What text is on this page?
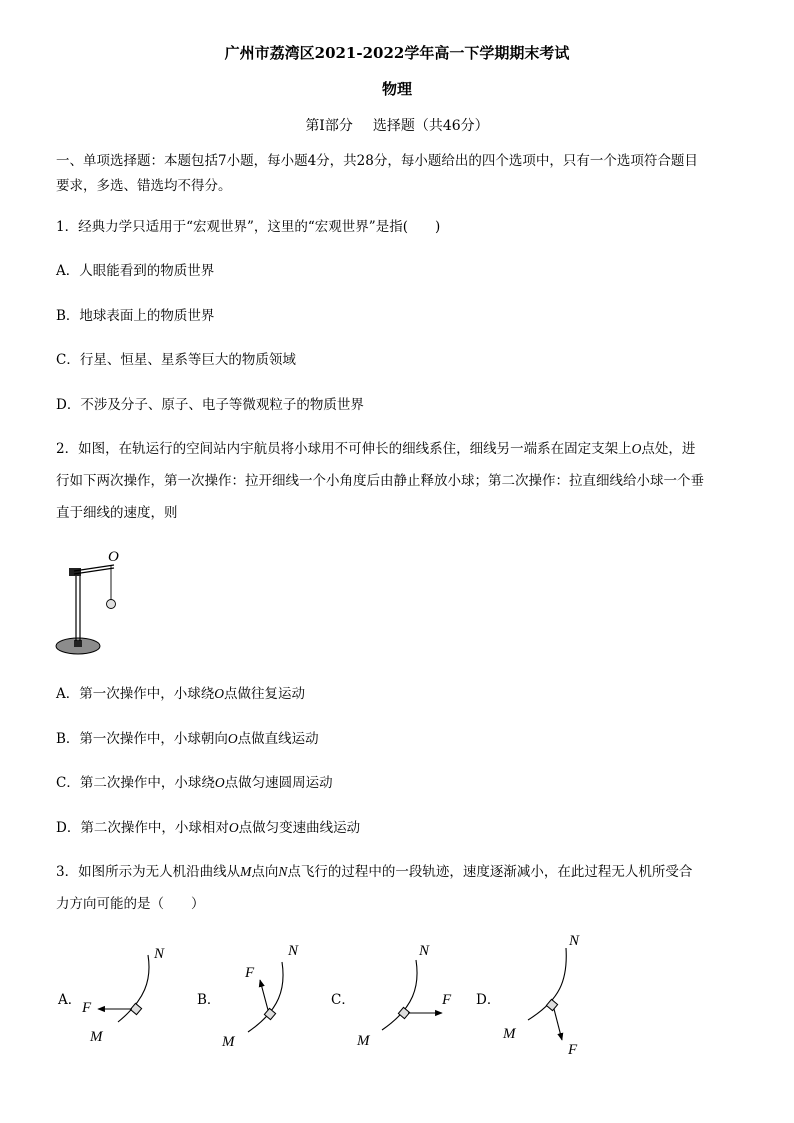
广州市荔湾区2021-2022学年高一下学期期末考试
物理
第Ⅰ部分 选择题（共46分）
一、单项选择题：本题包括7小题，每小题4分，共28分，每小题给出的四个选项中，只有一个选项符合题目
要求，多选、错选均不得分。
1．经典力学只适用于“宏观世界”，这里的“宏观世界”是指(　　)
A．人眼能看到的物质世界
B．地球表面上的物质世界
C．行星、恒星、星系等巨大的物质领域
D．不涉及分子、原子、电子等微观粒子的物质世界
2．如图，在轨运行的空间站内宇航员将小球用不可伸长的细线系住，细线另一端系在固定支架上O点处，进
行如下两次操作，第一次操作：拉开细线一个小角度后由静止释放小球；第二次操作：拉直细线给小球一个垂
直于细线的速度，则
O
A．第一次操作中，小球绕O点做往复运动
B．第一次操作中，小球朝向O点做直线运动
C．第二次操作中，小球绕O点做匀速圆周运动
D．第二次操作中，小球相对O点做匀变速曲线运动
3．如图所示为无人机沿曲线从M点向N点飞行的过程中的一段轨迹，速度逐渐减小，在此过程无人机所受合
力方向可能的是（　　）
A．	B．	C．	D．
N
M
F
N
M
F
N
M
F
N
M
F
